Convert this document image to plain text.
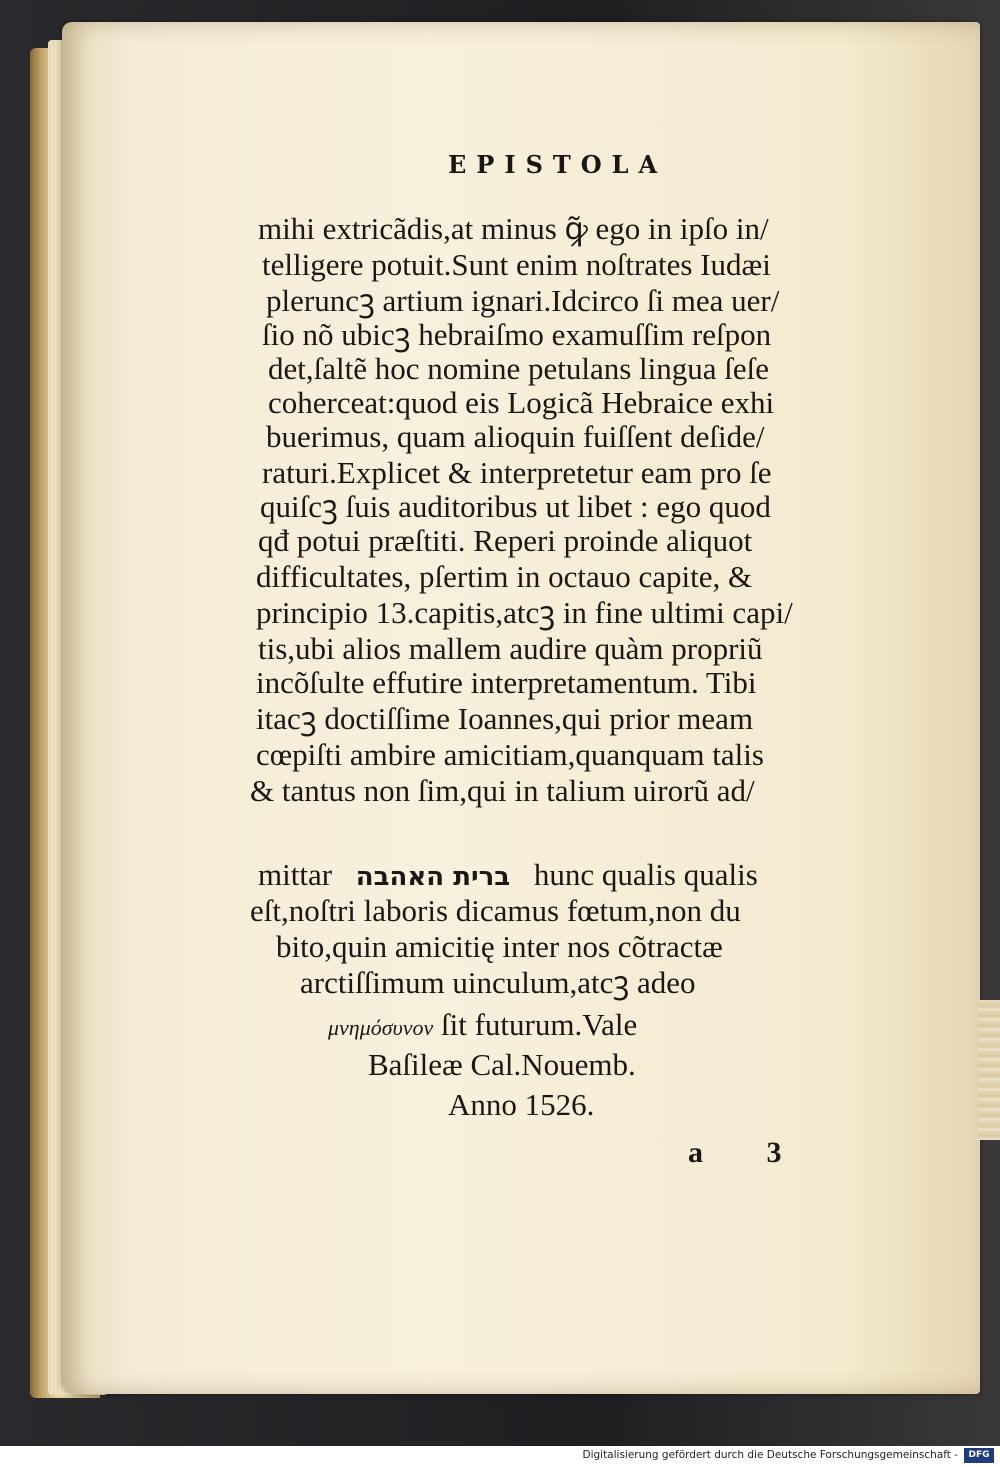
EPISTOLA
mihi extricãdis,at minus ꝙ̃ ego in ipſo in/
telligere potuit.Sunt enim noſtrates Iudæi
pleruncꝫ artium ignari.Idcirco ſi mea uer/
ſio nõ ubicꝫ hebraiſmo examuſſim reſpon
det,ſaltẽ hoc nomine petulans lingua ſeſe
coherceat:quod eis Logicã Hebraice exhi
buerimus, quam alioquin fuiſſent deſide/
raturi.Explicet & interpretetur eam pro ſe
quiſcꝫ ſuis auditoribus ut libet : ego quod
qđ potui præſtiti. Reperi proinde aliquot
difficultates, pſertim in octauo capite, &
principio 13.capitis,atcꝫ in fine ultimi capi/
tis,ubi alios mallem audire quàm propriũ
incõſulte effutire interpretamentum. Tibi
itacꝫ doctiſſime Ioannes,qui prior meam
cœpiſti ambire amicitiam,quanquam talis
& tantus non ſim,qui in talium uirorũ ad/
mittar ברית האהבה hunc qualis qualis
eſt,noſtri laboris dicamus fœtum,non du
bito,quin amicitię inter nos cõtractæ
arctiſſimum uinculum,atcꝫ adeo
μνημόσυνον ſit futurum.Vale
Baſileæ Cal.Nouemb.
Anno 1526.
a 3
Digitalisierung gefördert durch die Deutsche Forschungsgemeinschaft -	DFG
